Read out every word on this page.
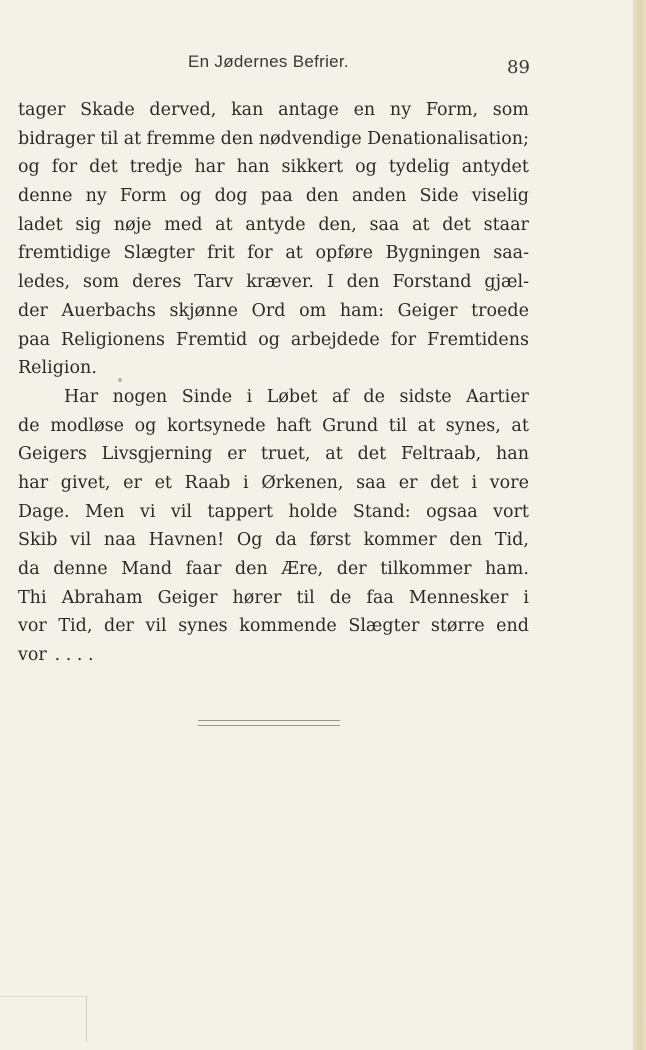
En Jødernes Befrier.	89
tager Skade derved, kan antage en ny Form, som
bidrager til at fremme den nødvendige Denationalisation;
og for det tredje har han sikkert og tydelig antydet
denne ny Form og dog paa den anden Side viselig
ladet sig nøje med at antyde den, saa at det staar
fremtidige Slægter frit for at opføre Bygningen saa-
ledes, som deres Tarv kræver. I den Forstand gjæl-
der Auerbachs skjønne Ord om ham: Geiger troede
paa Religionens Fremtid og arbejdede for Fremtidens
Religion.
Har nogen Sinde i Løbet af de sidste Aartier
de modløse og kortsynede haft Grund til at synes, at
Geigers Livsgjerning er truet, at det Feltraab, han
har givet, er et Raab i Ørkenen, saa er det i vore
Dage. Men vi vil tappert holde Stand: ogsaa vort
Skib vil naa Havnen! Og da først kommer den Tid,
da denne Mand faar den Ære, der tilkommer ham.
Thi Abraham Geiger hører til de faa Mennesker i
vor Tid, der vil synes kommende Slægter større end
vor . . . .
